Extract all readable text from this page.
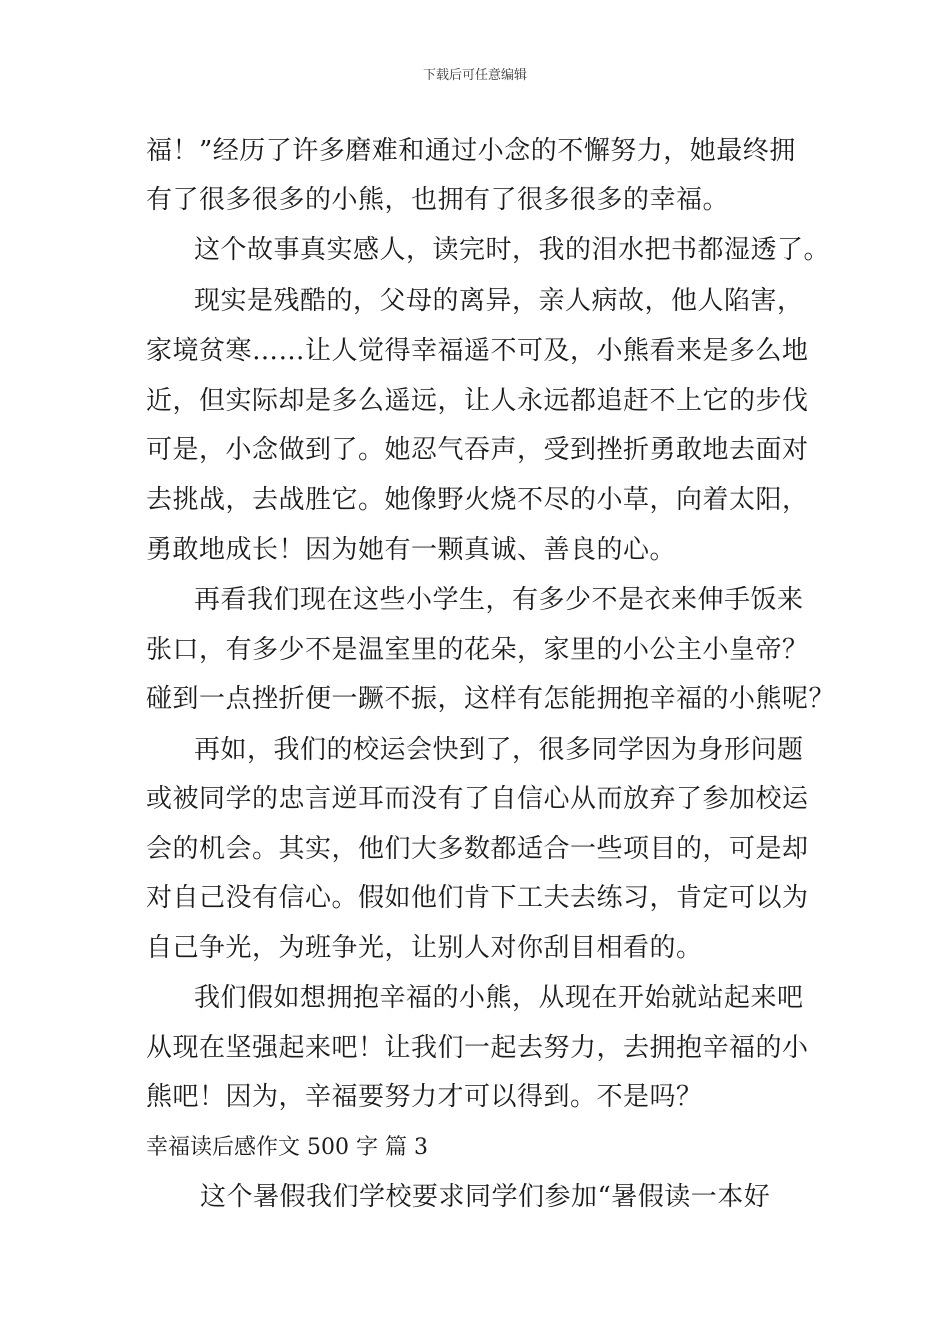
下载后可任意编辑
福！”经历了许多磨难和通过小念的不懈努力，她最终拥
有了很多很多的小熊，也拥有了很多很多的幸福。
这个故事真实感人，读完时，我的泪水把书都湿透了。
现实是残酷的，父母的离异，亲人病故，他人陷害，
家境贫寒……让人觉得幸福遥不可及，小熊看来是多么地
近，但实际却是多么遥远，让人永远都追赶不上它的步伐
可是，小念做到了。她忍气吞声，受到挫折勇敢地去面对
去挑战，去战胜它。她像野火烧不尽的小草，向着太阳，
勇敢地成长！因为她有一颗真诚、善良的心。
再看我们现在这些小学生，有多少不是衣来伸手饭来
张口，有多少不是温室里的花朵，家里的小公主小皇帝？
碰到一点挫折便一蹶不振，这样有怎能拥抱辛福的小熊呢？
再如，我们的校运会快到了，很多同学因为身形问题
或被同学的忠言逆耳而没有了自信心从而放弃了参加校运
会的机会。其实，他们大多数都适合一些项目的，可是却
对自己没有信心。假如他们肯下工夫去练习，肯定可以为
自己争光，为班争光，让别人对你刮目相看的。
我们假如想拥抱辛福的小熊，从现在开始就站起来吧
从现在坚强起来吧！让我们一起去努力，去拥抱辛福的小
熊吧！因为，辛福要努力才可以得到。不是吗？
幸福读后感作文 500 字 篇 3
这个暑假我们学校要求同学们参加“暑假读一本好
